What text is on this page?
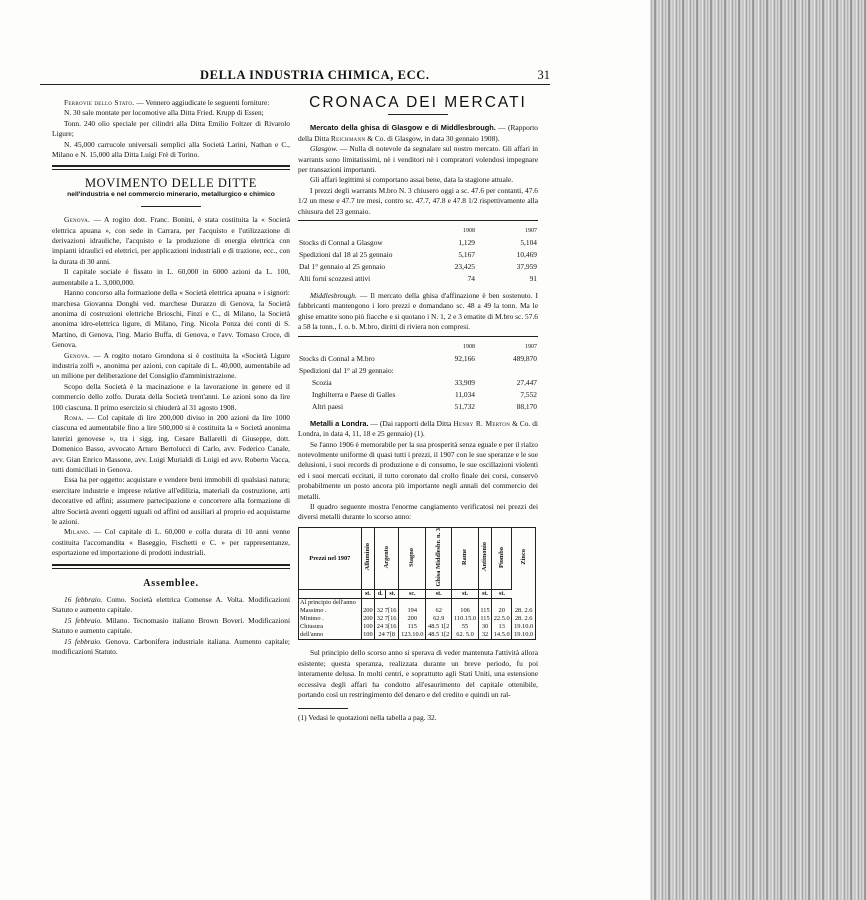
DELLA INDUSTRIA CHIMICA, ECC.	31

Ferrovie dello Stato. — Vennero aggiudicate le seguenti forniture:

N. 30 sale montate per locomotive alla Ditta Fried. Krupp di Essen;

Tonn. 240 olio speciale per cilindri alla Ditta Emilio Foltzer di Rivarolo Ligure;

N. 45,000 carrucole universali semplici alla Società Larini, Nathan e C., Milano e N. 15,000 alla Ditta Luigi Frè di Torino.

MOVIMENTO DELLE DITTE
nell'industria e nel commercio minerario, metallurgico e chimico

Genova. — A rogito dott. Franc. Bonini, è stata costituita la « Società elettrica apuana », con sede in Carrara, per l'acquisto e l'utilizzazione di derivazioni idrauliche, l'acquisto e la produzione di energia elettrica con impianti idraulici ed elettrici, per applicazioni industriali e di trazione, ecc., con la durata di 30 anni.

Il capitale sociale è fissato in L. 60,000 in 6000 azioni da L. 100, aumentabile a L. 3,000,000.

Hanno concorso alla formazione della « Società elettrica apuana » i signori: marchesa Giovanna Donghi ved. marchese Durazzo di Genova, la Società anonima di costruzioni elettriche Brioschi, Finzi e C., di Milano, la Società anonima idro-elettrica ligure, di Milano, l'ing. Nicola Ponza dei conti di S. Martino, di Genova, l'ing. Mario Buffa, di Genova, e l'avv. Tomaso Croce, di Genova.

Genova. — A rogito notaro Grondona si è costituita la «Società Ligure industria zolfi », anonima per azioni, con capitale di L. 40,000, aumentabile ad un milione per deliberazione del Consiglio d'amministrazione.

Scopo della Società è la macinazione e la lavorazione in genere ed il commercio dello zolfo. Durata della Società trent'anni. Le azioni sono da lire 100 ciascuna. Il primo esercizio si chiuderà al 31 agosto 1908.

Roma. — Col capitale di lire 200,000 diviso in 200 azioni da lire 1000 ciascuna ed aumentabile fino a lire 500,000 si è costituita la « Società anonima laterizi genovese », tra i sigg. ing. Cesare Ballarelli di Giuseppe, dott. Domenico Basso, avvocato Arturo Bertolucci di Carlo, avv. Federico Canale, avv. Gian Enrico Massone, avv. Luigi Murialdi di Luigi ed avv. Roberto Vacca, tutti domiciliati in Genova.

Essa ha per oggetto: acquistare e vendere beni immobili di qualsiasi natura; esercitare industrie e imprese relative all'edilizia, materiali da costruzione, arti decorative ed affini; assumere partecipazione e concorrere alla formazione di altre Società aventi oggetti uguali od affini od ausiliari al proprio ed acquistarne le azioni.

Milano. — Col capitale di L. 60,000 e colla durata di 10 anni venne costituita l'accomandita « Baseggio, Fischetti e C. » per rappresentanze, esportazione ed importazione di prodotti industriali.

Assemblee.

16 febbraio. Como. Società elettrica Comense A. Volta. Modificazioni Statuto e aumento capitale.

15 febbraio. Milano. Tecnomasio italiano Brown Boveri. Modificazioni Statuto e aumento capitale.

15 febbraio. Genova. Carbonifera industriale italiana. Aumento capitale; modificazioni Statuto.

CRONACA DEI MERCATI

Mercato della ghisa di Glasgow e di Middlesbrough. — (Rapporto della Ditta Reichmann & Co. di Glasgow, in data 30 gennaio 1908).

Glasgow. — Nulla di notevole da segnalare sul nostro mercato. Gli affari in warrants sono limitatissimi, nè i venditori nè i compratori volendosi impegnare per transazioni importanti.

Gli affari legittimi si comportano assai bene, data la stagione attuale.

I prezzi degli warrants M.bro N. 3 chiusero oggi a sc. 47.6 per contanti, 47.6 1/2 un mese e 47.7 tre mesi, contro sc. 47.7, 47.8 e 47.8 1/2 rispettivamente alla chiusura del 23 gennaio.

	1908	1907
Stocks di Connal a Glasgow	1,129	5,104
Spedizioni dal 18 al 25 gennaio	5,167	10,469
Dal 1° gennaio al 25 gennaio	23,425	37,959
Alti forni scozzesi attivi	74	91

Middlesbrough. — Il mercato della ghisa d'affinazione è ben sostenuto. I fabbricanti mantengono i loro prezzi e domandano sc. 48 a 49 la tonn. Ma le ghise ematite sono più fiacche e si quotano i N. 1, 2 e 3 ematite di M.bro sc. 57.6 a 58 la tonn., f. o. b. M.bro, diritti di riviera non compresi.

	1908	1907
Stocks di Connal a M.bro	92,166	489,870
Spedizioni dal 1° al 29 gennaio:		
Scozia	33,909	27,447
Inghilterra e Paese di Galles	11,034	7,552
Altri paesi	51,732	88,170

Metalli a Londra. — (Dai rapporti della Ditta Henry R. Merton & Co. di Londra, in data 4, 11, 18 e 25 gennaio) (1).

Se l'anno 1906 è memorabile per la sua prosperità senza eguale e per il rialzo notevolmente uniforme di quasi tutti i prezzi, il 1907 con le sue speranze e le sue delusioni, i suoi records di produzione e di consumo, le sue oscillazioni violenti ed i suoi mercati eccitati, il tutto coronato dal crollo finale dei corsi, conservò probabilmente un posto ancora più importante negli annali del commercio dei metalli.

Il quadro seguente mostra l'enorme cangiamento verificatosi nei prezzi dei diversi metalli durante lo scorso anno:

Prezzi nel 1907	Alluminio	Argento		Stagno	Ghisa Middlesbr. n. 3	Rame	Antimonio	Piombo	Zinco
	st.	d.	st.	sc.	st.	st.	st.	st.	
Al principio dell'anno									
Massimo .	200	32 7[16		194	62	106	115	20	28. 2.6
Minimo .	200	32 7[16		200	62.9	110.15.0	115	22.5.0	28. 2.6
Chiusura	100	24 3[16		115	48.5 1[2	55	30	13	19.10.0
dell'anno	100	24 7[8		123.10.0	48.5 1[2	62. 5.0	32	14.5.0	19.10.0

Sul principio dello scorso anno si sperava di veder mantenuta l'attività allora esistente; questa speranza, realizzata durante un breve periodo, fu poi interamente delusa. In molti centri, e soprattutto agli Stati Uniti, una estensione eccessiva degli affari ha condotto all'esaurimento del capitale ottenibile, portando così un restringimento del denaro e del credito e quindi un ral-

(1) Vedasi le quotazioni nella tabella a pag. 32.
